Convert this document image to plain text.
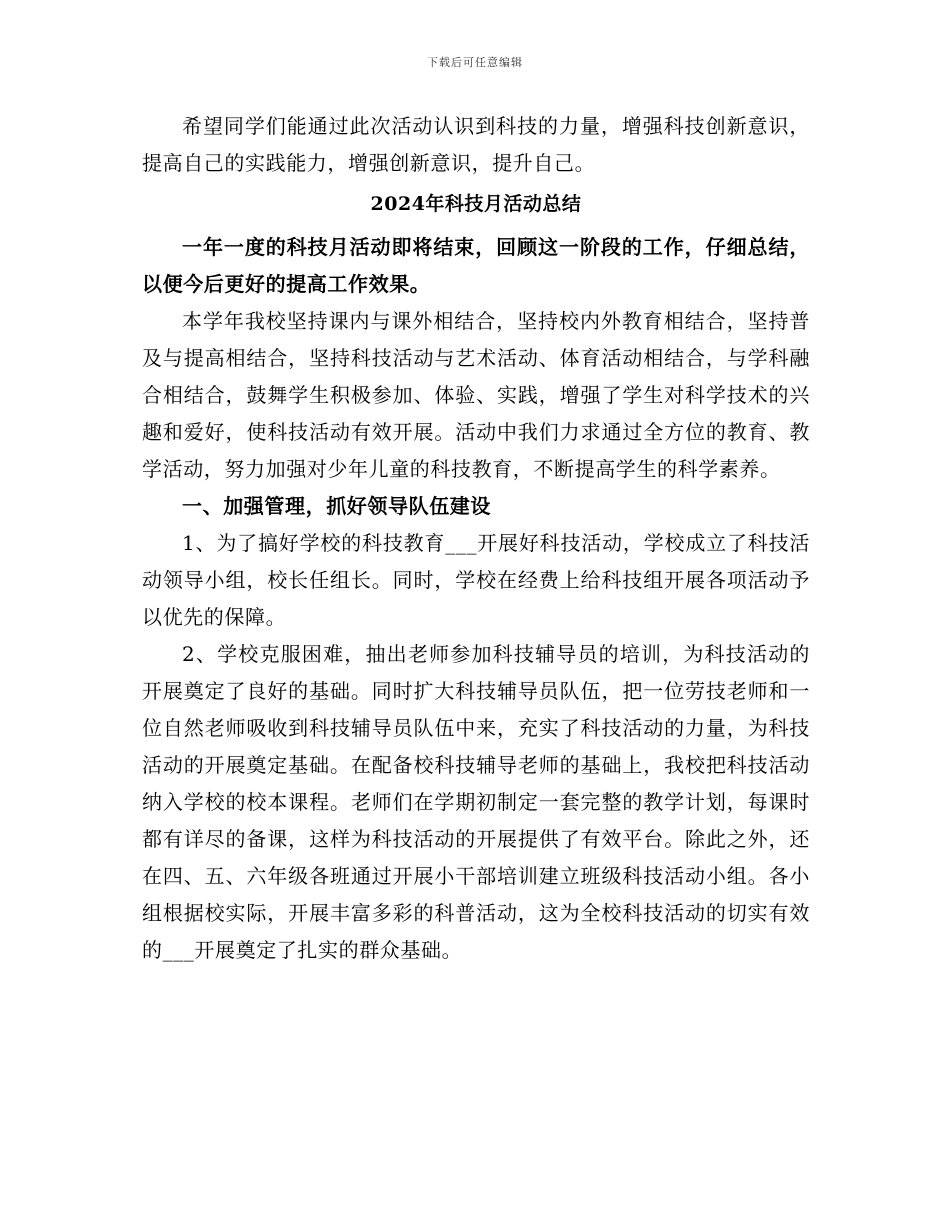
下载后可任意编辑

希望同学们能通过此次活动认识到科技的力量，增强科技创新意识，提高自己的实践能力，增强创新意识，提升自己。

2024年科技月活动总结

一年一度的科技月活动即将结束，回顾这一阶段的工作，仔细总结，以便今后更好的提高工作效果。

本学年我校坚持课内与课外相结合，坚持校内外教育相结合，坚持普及与提高相结合，坚持科技活动与艺术活动、体育活动相结合，与学科融合相结合，鼓舞学生积极参加、体验、实践，增强了学生对科学技术的兴趣和爱好，使科技活动有效开展。活动中我们力求通过全方位的教育、教学活动，努力加强对少年儿童的科技教育，不断提高学生的科学素养。

一、加强管理，抓好领导队伍建设

1、为了搞好学校的科技教育___开展好科技活动，学校成立了科技活动领导小组，校长任组长。同时，学校在经费上给科技组开展各项活动予以优先的保障。

2、学校克服困难，抽出老师参加科技辅导员的培训，为科技活动的开展奠定了良好的基础。同时扩大科技辅导员队伍，把一位劳技老师和一位自然老师吸收到科技辅导员队伍中来，充实了科技活动的力量，为科技活动的开展奠定基础。在配备校科技辅导老师的基础上，我校把科技活动纳入学校的校本课程。老师们在学期初制定一套完整的教学计划，每课时都有详尽的备课，这样为科技活动的开展提供了有效平台。除此之外，还在四、五、六年级各班通过开展小干部培训建立班级科技活动小组。各小组根据校实际，开展丰富多彩的科普活动，这为全校科技活动的切实有效的___开展奠定了扎实的群众基础。
